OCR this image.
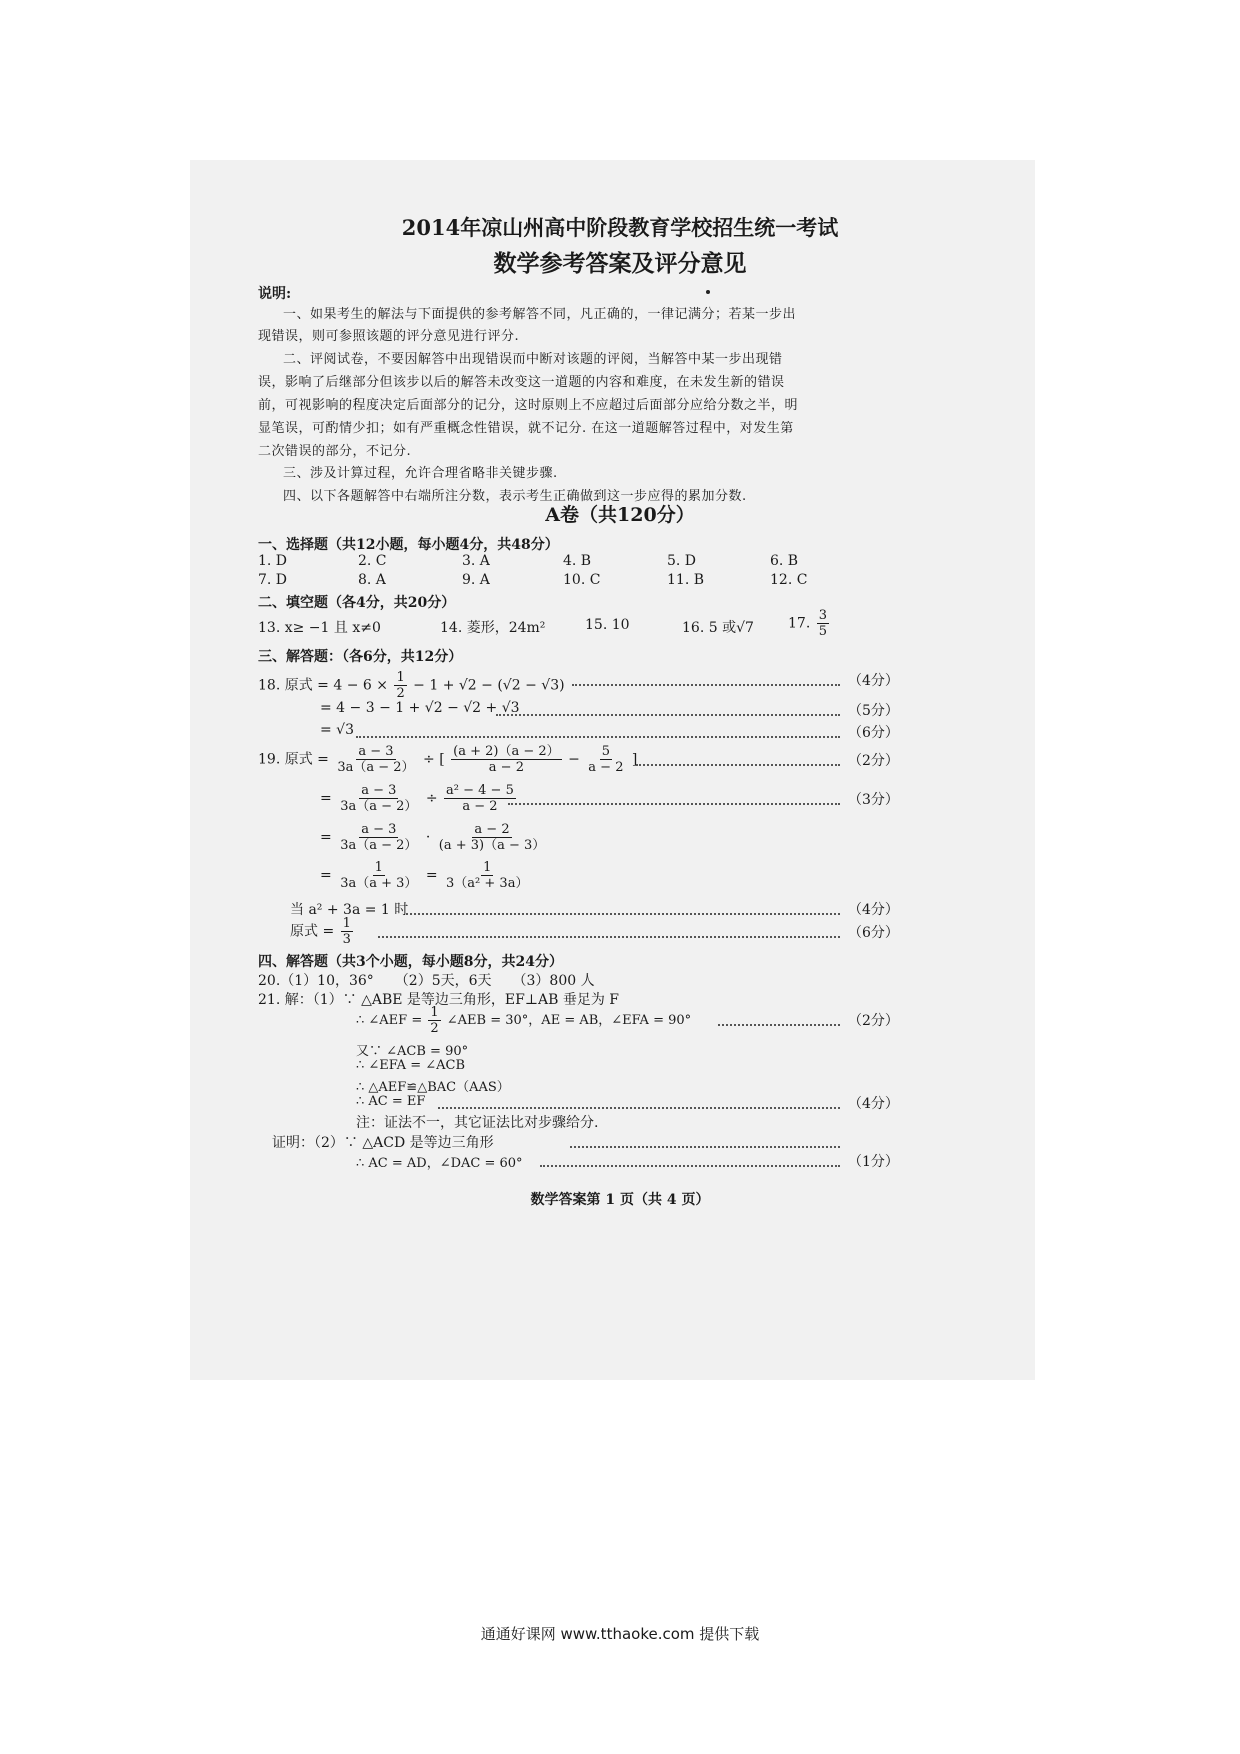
2014年凉山州高中阶段教育学校招生统一考试
数学参考答案及评分意见
说明:
一、如果考生的解法与下面提供的参考解答不同，凡正确的，一律记满分；若某一步出
现错误，则可参照该题的评分意见进行评分.
二、评阅试卷，不要因解答中出现错误而中断对该题的评阅，当解答中某一步出现错
误，影响了后继部分但该步以后的解答未改变这一道题的内容和难度，在未发生新的错误
前，可视影响的程度决定后面部分的记分，这时原则上不应超过后面部分应给分数之半，明
显笔误，可酌情少扣；如有严重概念性错误，就不记分. 在这一道题解答过程中，对发生第
二次错误的部分，不记分.
三、涉及计算过程，允许合理省略非关键步骤.
四、以下各题解答中右端所注分数，表示考生正确做到这一步应得的累加分数.
A卷（共120分）
一、选择题（共12小题，每小题4分，共48分）
1. D	2. C	3. A	4. B	5. D	6. B
7. D	8. A	9. A	10. C	11. B	12. C
二、填空题（各4分，共20分）
13. x≥ −1 且 x≠0	14. 菱形，24m²	15. 10	16. 5 或√7 17. $\frac{3}{5}$
三、解答题：（各6分，共12分）
18. 原式 = $4 - 6 \times \frac{1}{2} - 1 + √2 - (√2 - √3)$	（4分）
= 4 − 3 − 1 + √2 − √2 + √3	（5分）
= √3	（6分）
19. 原式 = $\frac{a - 3}{3a(a - 2)}$ ÷ [ $\frac{(a + 2)(a - 2)}{a - 2} - \frac{5}{a - 2}$ ]	（2分）
= $\frac{a - 3}{3a(a - 2)} \div \frac{\text{a² − 4 − 5}}{a - 2}$	（3分）
= $\frac{a - 3}{3a(a - 2)} \cdot \frac{a - 2}{(a + 3)(a - 3)}$
= $\frac{1}{3a(a + 3)} = \frac{1}{\text{3（a² + 3a）}}$
当 a² + 3a = 1 时	（4分）
原式 = $\frac{1}{3}$	（6分）
四、解答题（共3个小题，每小题8分，共24分）
20.（1）10，36°　　（2）5天，6天　　（3）800 人
21. 解：（1）∵ △ABE 是等边三角形，EF⊥AB 垂足为 F
∴ ∠AEF = $\frac{1}{2}$ ∠AEB = 30°，AE = AB，∠EFA = 90°	（2分）
又∵ ∠ACB = 90°
∴ ∠EFA = ∠ACB
∴ △AEF≌△BAC（AAS）
∴ AC = EF	（4分）
注：证法不一，其它证法比对步骤给分.
证明：（2）∵ △ACD 是等边三角形
∴ AC = AD，∠DAC = 60°	（1分）
数学答案第 1 页（共 4 页）
通通好课网 www.tthaoke.com 提供下载
